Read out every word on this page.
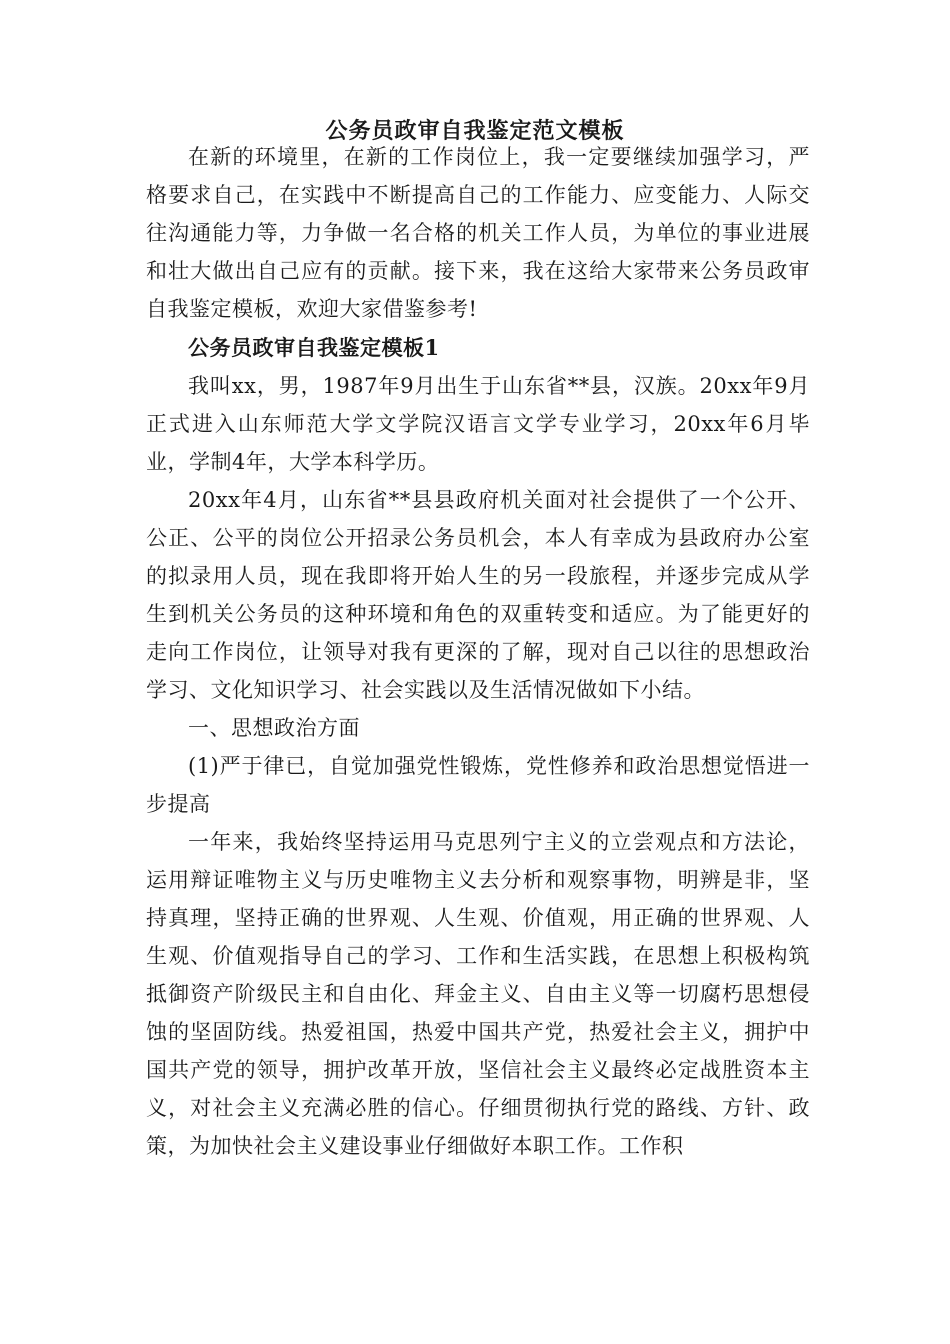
公务员政审自我鉴定范文模板

在新的环境里，在新的工作岗位上，我一定要继续加强学习，严格要求自己，在实践中不断提高自己的工作能力、应变能力、人际交往沟通能力等，力争做一名合格的机关工作人员，为单位的事业进展和壮大做出自己应有的贡献。接下来，我在这给大家带来公务员政审自我鉴定模板，欢迎大家借鉴参考!

公务员政审自我鉴定模板1

我叫xx，男，1987年9月出生于山东省**县，汉族。20xx年9月正式进入山东师范大学文学院汉语言文学专业学习，20xx年6月毕业，学制4年，大学本科学历。

20xx年4月，山东省**县县政府机关面对社会提供了一个公开、公正、公平的岗位公开招录公务员机会，本人有幸成为县政府办公室的拟录用人员，现在我即将开始人生的另一段旅程，并逐步完成从学生到机关公务员的这种环境和角色的双重转变和适应。为了能更好的走向工作岗位，让领导对我有更深的了解，现对自己以往的思想政治学习、文化知识学习、社会实践以及生活情况做如下小结。

一、思想政治方面

(1)严于律已，自觉加强党性锻炼，党性修养和政治思想觉悟进一步提高

一年来，我始终坚持运用马克思列宁主义的立尝观点和方法论，运用辩证唯物主义与历史唯物主义去分析和观察事物，明辨是非，坚持真理，坚持正确的世界观、人生观、价值观，用正确的世界观、人生观、价值观指导自己的学习、工作和生活实践，在思想上积极构筑抵御资产阶级民主和自由化、拜金主义、自由主义等一切腐朽思想侵蚀的坚固防线。热爱祖国，热爱中国共产党，热爱社会主义，拥护中国共产党的领导，拥护改革开放，坚信社会主义最终必定战胜资本主义，对社会主义充满必胜的信心。仔细贯彻执行党的路线、方针、政策，为加快社会主义建设事业仔细做好本职工作。工作积
